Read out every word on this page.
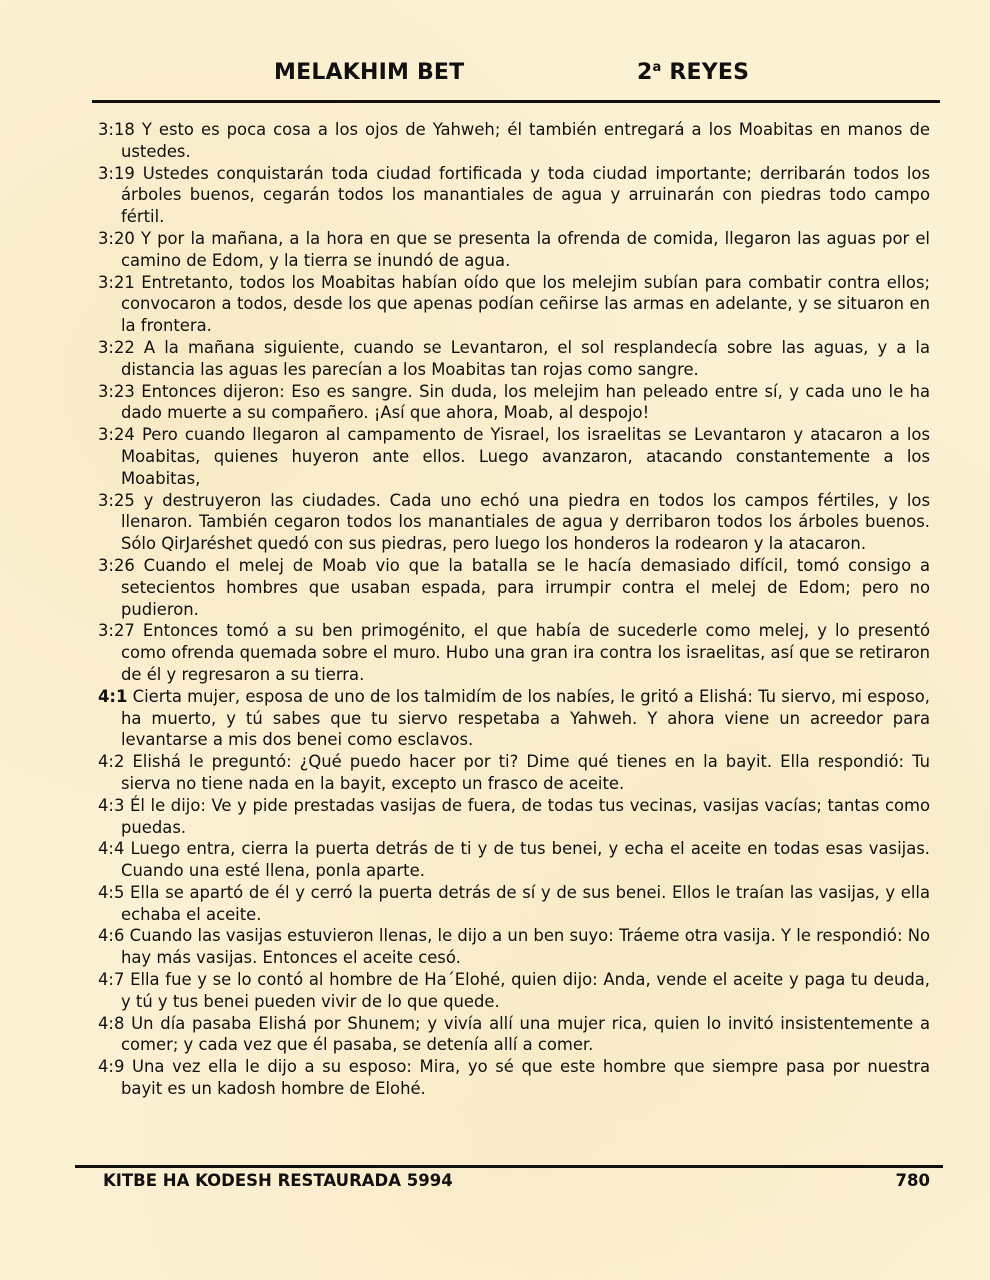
MELAKHIM BET	2$^a$ REYES

3:18 Y esto es poca cosa a los ojos de Yahweh; él también entregará a los Moabitas en manos de ustedes.

3:19 Ustedes conquistarán toda ciudad fortificada y toda ciudad importante; derribarán todos los árboles buenos, cegarán todos los manantiales de agua y arruinarán con piedras todo campo fértil.

3:20 Y por la mañana, a la hora en que se presenta la ofrenda de comida, llegaron las aguas por el camino de Edom, y la tierra se inundó de agua.

3:21 Entretanto, todos los Moabitas habían oído que los melejim subían para combatir contra ellos; convocaron a todos, desde los que apenas podían ceñirse las armas en adelante, y se situaron en la frontera.

3:22 A la mañana siguiente, cuando se Levantaron, el sol resplandecía sobre las aguas, y a la distancia las aguas les parecían a los Moabitas tan rojas como sangre.

3:23 Entonces dijeron: Eso es sangre. Sin duda, los melejim han peleado entre sí, y cada uno le ha dado muerte a su compañero. ¡Así que ahora, Moab, al despojo!

3:24 Pero cuando llegaron al campamento de Yisrael, los israelitas se Levantaron y atacaron a los Moabitas, quienes huyeron ante ellos. Luego avanzaron, atacando constantemente a los Moabitas,

3:25 y destruyeron las ciudades. Cada uno echó una piedra en todos los campos fértiles, y los llenaron. También cegaron todos los manantiales de agua y derribaron todos los árboles buenos. Sólo QirJaréshet quedó con sus piedras, pero luego los honderos la rodearon y la atacaron.

3:26 Cuando el melej de Moab vio que la batalla se le hacía demasiado difícil, tomó consigo a setecientos hombres que usaban espada, para irrumpir contra el melej de Edom; pero no pudieron.

3:27 Entonces tomó a su ben primogénito, el que había de sucederle como melej, y lo presentó como ofrenda quemada sobre el muro. Hubo una gran ira contra los israelitas, así que se retiraron de él y regresaron a su tierra.

4:1 Cierta mujer, esposa de uno de los talmidím de los nabíes, le gritó a Elishá: Tu siervo, mi esposo, ha muerto, y tú sabes que tu siervo respetaba a Yahweh. Y ahora viene un acreedor para levantarse a mis dos benei como esclavos.

4:2 Elishá le preguntó: ¿Qué puedo hacer por ti? Dime qué tienes en la bayit. Ella respondió: Tu sierva no tiene nada en la bayit, excepto un frasco de aceite.

4:3 Él le dijo: Ve y pide prestadas vasijas de fuera, de todas tus vecinas, vasijas vacías; tantas como puedas.

4:4 Luego entra, cierra la puerta detrás de ti y de tus benei, y echa el aceite en todas esas vasijas. Cuando una esté llena, ponla aparte.

4:5 Ella se apartó de él y cerró la puerta detrás de sí y de sus benei. Ellos le traían las vasijas, y ella echaba el aceite.

4:6 Cuando las vasijas estuvieron llenas, le dijo a un ben suyo: Tráeme otra vasija. Y le respondió: No hay más vasijas. Entonces el aceite cesó.

4:7 Ella fue y se lo contó al hombre de Ha´Elohé, quien dijo: Anda, vende el aceite y paga tu deuda, y tú y tus benei pueden vivir de lo que quede.

4:8 Un día pasaba Elishá por Shunem; y vivía allí una mujer rica, quien lo invitó insistentemente a comer; y cada vez que él pasaba, se detenía allí a comer.

4:9 Una vez ella le dijo a su esposo: Mira, yo sé que este hombre que siempre pasa por nuestra bayit es un kadosh hombre de Elohé.

KITBE HA KODESH RESTAURADA 5994	780
